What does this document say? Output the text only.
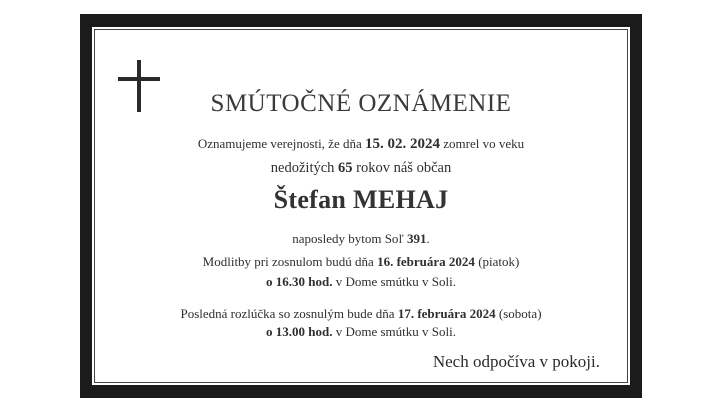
SMÚTOČNÉ OZNÁMENIE
Oznamujeme verejnosti, že dňa 15. 02. 2024 zomrel vo veku
nedožitých 65 rokov náš občan
Štefan MEHAJ
naposledy bytom Soľ 391.
Modlitby pri zosnulom budú dňa 16. februára 2024 (piatok)
o 16.30 hod. v Dome smútku v Soli.
Posledná rozlúčka so zosnulým bude dňa 17. februára 2024 (sobota)
o 13.00 hod. v Dome smútku v Soli.
Nech odpočíva v pokoji.
